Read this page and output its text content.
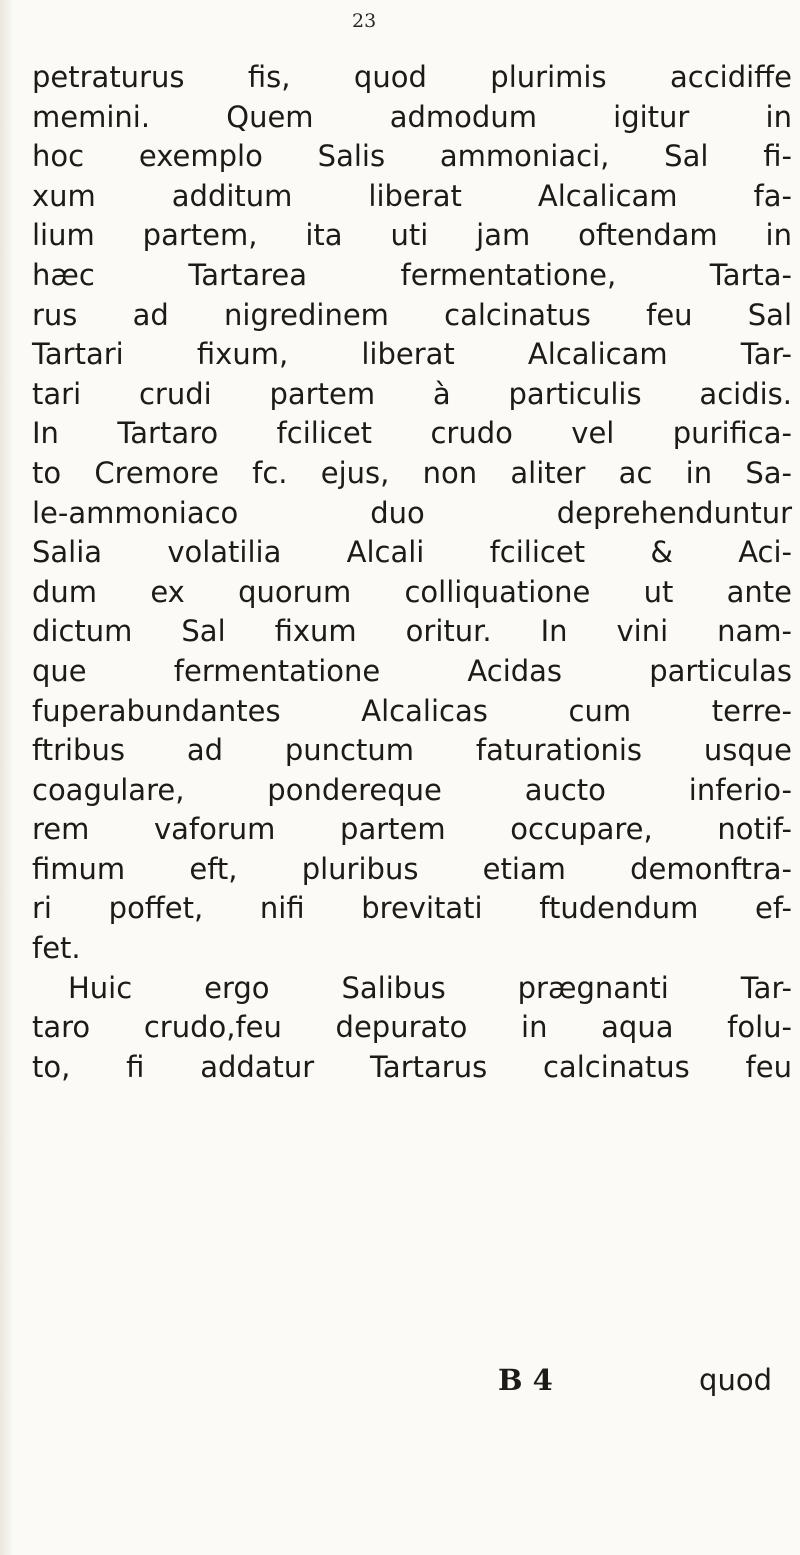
23
petraturus fis, quod plurimis accidiffe
memini. Quem admodum igitur in
hoc exemplo Salis ammoniaci, Sal fi-
xum additum liberat Alcalicam fa-
lium partem, ita uti jam oftendam in
hæc Tartarea fermentatione, Tarta-
rus ad nigredinem calcinatus feu Sal
Tartari fixum, liberat Alcalicam Tar-
tari crudi partem à particulis acidis.
In Tartaro fcilicet crudo vel purifica-
to Cremore fc. ejus, non aliter ac in Sa-
le-ammoniaco duo deprehenduntur
Salia volatilia Alcali fcilicet & Aci-
dum ex quorum colliquatione ut ante
dictum Sal fixum oritur. In vini nam-
que fermentatione Acidas particulas
fuperabundantes Alcalicas cum terre-
ftribus ad punctum faturationis usque
coagulare, pondereque aucto inferio-
rem vaforum partem occupare, notif-
fimum eft, pluribus etiam demonftra-
ri poffet, nifi brevitati ftudendum ef-
fet.
Huic ergo Salibus prægnanti Tar-
taro crudo,feu depurato in aqua folu-
to, fi addatur Tartarus calcinatus feu
B 4	quod
